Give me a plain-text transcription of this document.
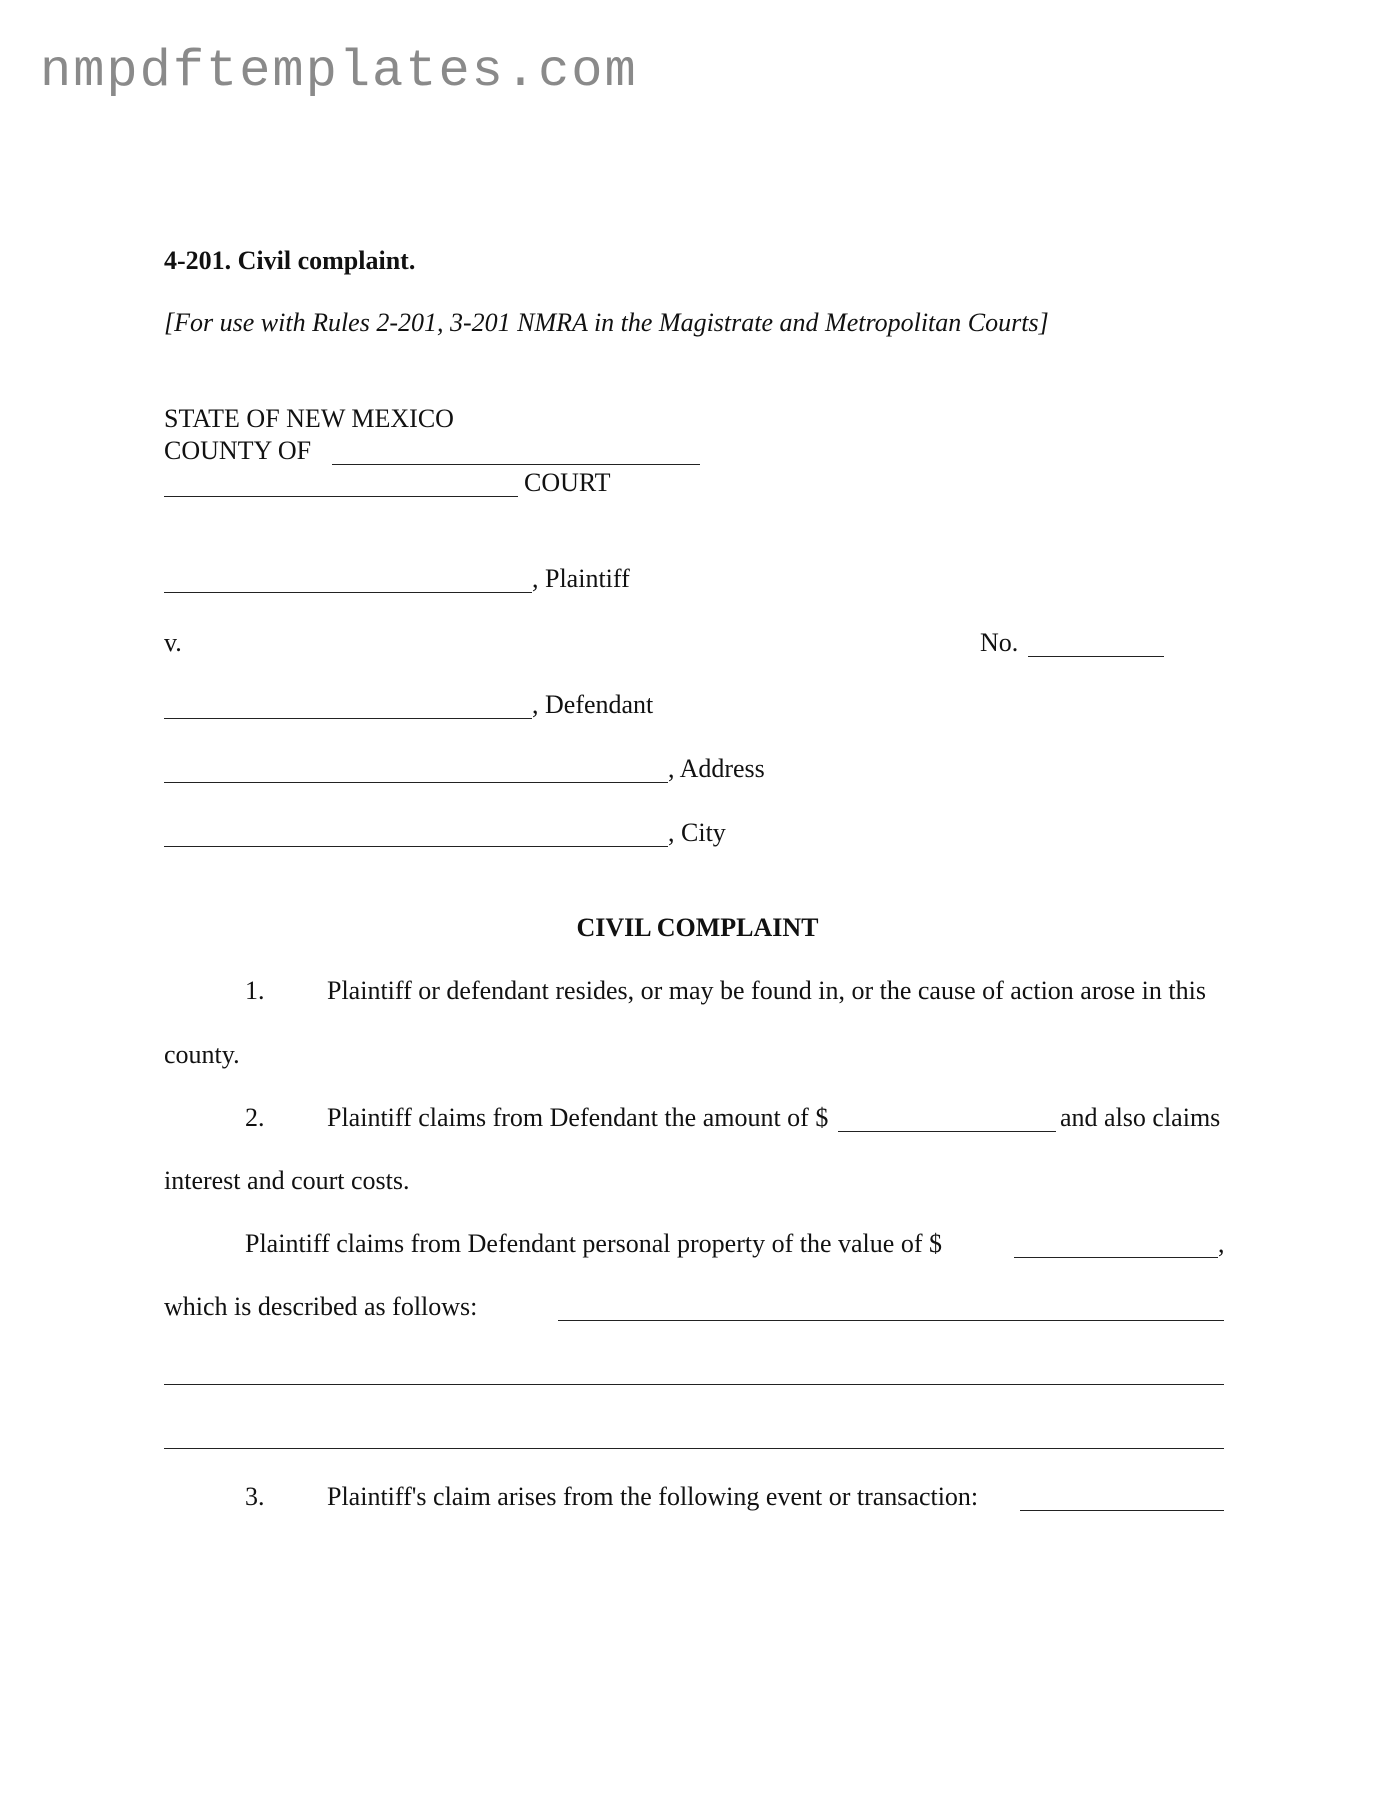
nmpdftemplates.com
4-201. Civil complaint.
[For use with Rules 2-201, 3-201 NMRA in the Magistrate and Metropolitan Courts]
STATE OF NEW MEXICO
COUNTY OF
COURT
, Plaintiff
v.	No.
, Defendant
, Address
, City
CIVIL COMPLAINT
1. Plaintiff or defendant resides, or may be found in, or the cause of action arose in this
county.
2. Plaintiff claims from Defendant the amount of $	and also claims
interest and court costs.
Plaintiff claims from Defendant personal property of the value of $	,
which is described as follows:
3. Plaintiff's claim arises from the following event or transaction:
